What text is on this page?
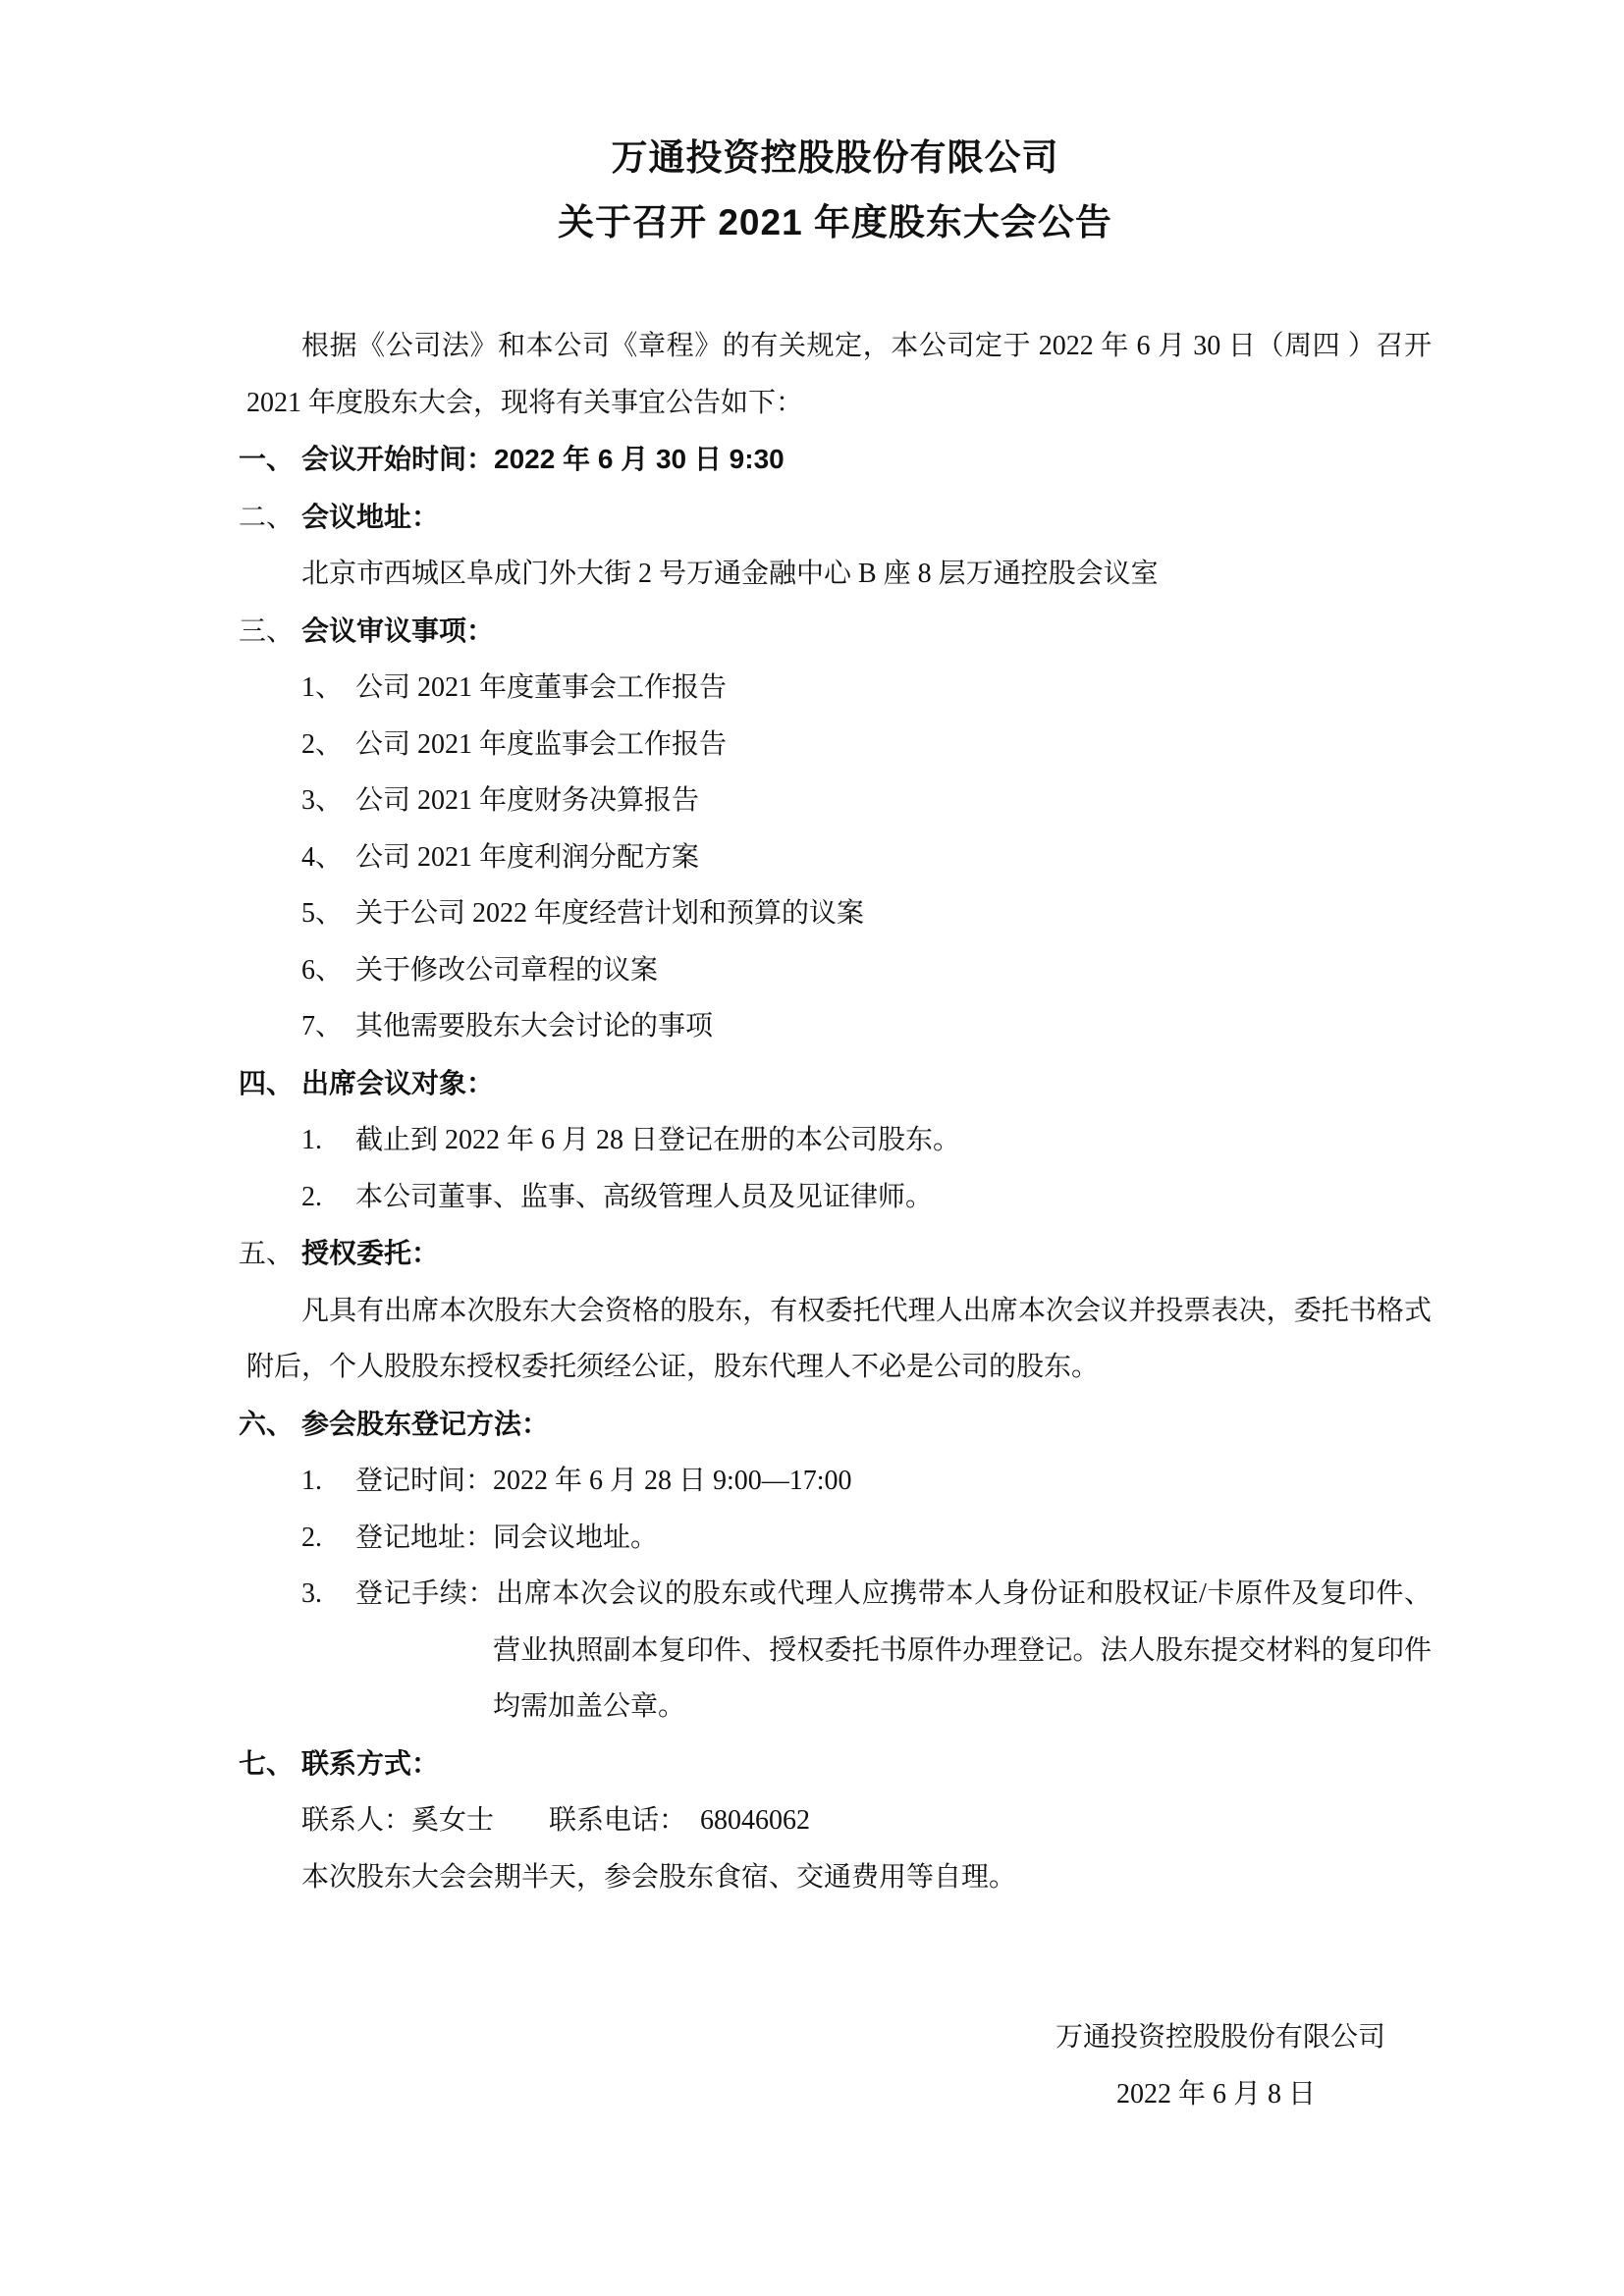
万通投资控股股份有限公司
关于召开 2021 年度股东大会公告

根据《公司法》和本公司《章程》的有关规定，本公司定于 2022 年 6 月 30 日（周四 ）召开 2021 年度股东大会，现将有关事宜公告如下：

一、 会议开始时间：2022 年 6 月 30 日 9:30
二、 会议地址：
北京市西城区阜成门外大街 2 号万通金融中心 B 座 8 层万通控股会议室
三、 会议审议事项：
1、 公司 2021 年度董事会工作报告
2、 公司 2021 年度监事会工作报告
3、 公司 2021 年度财务决算报告
4、 公司 2021 年度利润分配方案
5、 关于公司 2022 年度经营计划和预算的议案
6、 关于修改公司章程的议案
7、 其他需要股东大会讨论的事项
四、 出席会议对象：
1. 截止到 2022 年 6 月 28 日登记在册的本公司股东。
2. 本公司董事、监事、高级管理人员及见证律师。
五、 授权委托：

凡具有出席本次股东大会资格的股东，有权委托代理人出席本次会议并投票表决，委托书格式附后，个人股股东授权委托须经公证，股东代理人不必是公司的股东。

六、 参会股东登记方法：
1. 登记时间：2022 年 6 月 28 日 9:00—17:00
2. 登记地址：同会议地址。
3.	登记手续：出席本次会议的股东或代理人应携带本人身份证和股权证/卡原件及复印件、营业执照副本复印件、授权委托书原件办理登记。法人股东提交材料的复印件均需加盖公章。
七、 联系方式：
联系人：奚女士　　联系电话：　68046062
本次股东大会会期半天，参会股东食宿、交通费用等自理。
万通投资控股股份有限公司
2022 年 6 月 8 日
